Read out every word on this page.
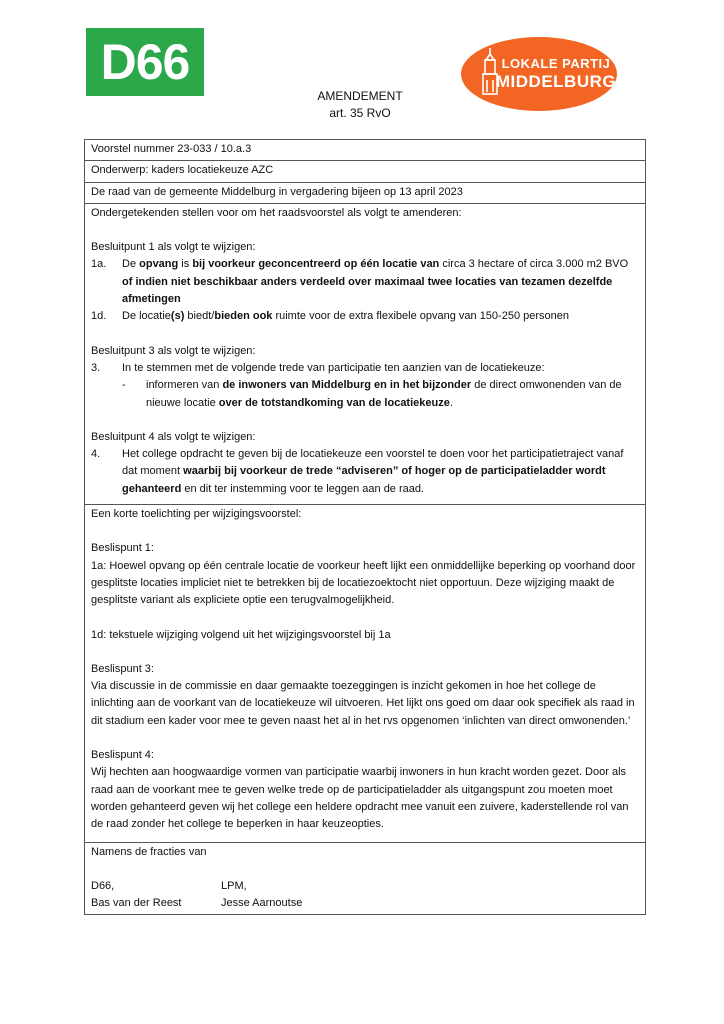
D66	LOKALE PARTIJ
MIDDELBURG
AMENDEMENT
art. 35 RvO
Voorstel nummer 23-033 / 10.a.3
Onderwerp: kaders locatiekeuze AZC
De raad van de gemeente Middelburg in vergadering bijeen op 13 april 2023
Ondergetekenden stellen voor om het raadsvoorstel als volgt te amenderen:
Besluitpunt 1 als volgt te wijzigen:
1a.	De opvang is bij voorkeur geconcentreerd op één locatie van circa 3 hectare of circa 3.000 m2 BVO of indien niet beschikbaar anders verdeeld over maximaal twee locaties van tezamen dezelfde afmetingen
1d.	De locatie(s) biedt/bieden ook ruimte voor de extra flexibele opvang van 150-250 personen
Besluitpunt 3 als volgt te wijzigen:
3.	In te stemmen met de volgende trede van participatie ten aanzien van de locatiekeuze:
-	informeren van de inwoners van Middelburg en in het bijzonder de direct omwonenden van de nieuwe locatie over de totstandkoming van de locatiekeuze.
Besluitpunt 4 als volgt te wijzigen:
4.	Het college opdracht te geven bij de locatiekeuze een voorstel te doen voor het participatietraject vanaf dat moment waarbij bij voorkeur de trede “adviseren” of hoger op de participatieladder wordt gehanteerd en dit ter instemming voor te leggen aan de raad.
Een korte toelichting per wijzigingsvoorstel:
Beslispunt 1:
1a: Hoewel opvang op één centrale locatie de voorkeur heeft lijkt een onmiddellijke beperking op voorhand door gesplitste locaties impliciet niet te betrekken bij de locatiezoektocht niet opportuun. Deze wijziging maakt de gesplitste variant als expliciete optie een terugvalmogelijkheid.
1d: tekstuele wijziging volgend uit het wijzigingsvoorstel bij 1a
Beslispunt 3:
Via discussie in de commissie en daar gemaakte toezeggingen is inzicht gekomen in hoe het college de inlichting aan de voorkant van de locatiekeuze wil uitvoeren. Het lijkt ons goed om daar ook specifiek als raad in dit stadium een kader voor mee te geven naast het al in het rvs opgenomen ‘inlichten van direct omwonenden.’
Beslispunt 4:
Wij hechten aan hoogwaardige vormen van participatie waarbij inwoners in hun kracht worden gezet. Door als raad aan de voorkant mee te geven welke trede op de participatieladder als uitgangspunt zou moeten moet worden gehanteerd geven wij het college een heldere opdracht mee vanuit een zuivere, kaderstellende rol van de raad zonder het college te beperken in haar keuzeopties.
Namens de fracties van
D66,	LPM,
Bas van der Reest	Jesse Aarnoutse
